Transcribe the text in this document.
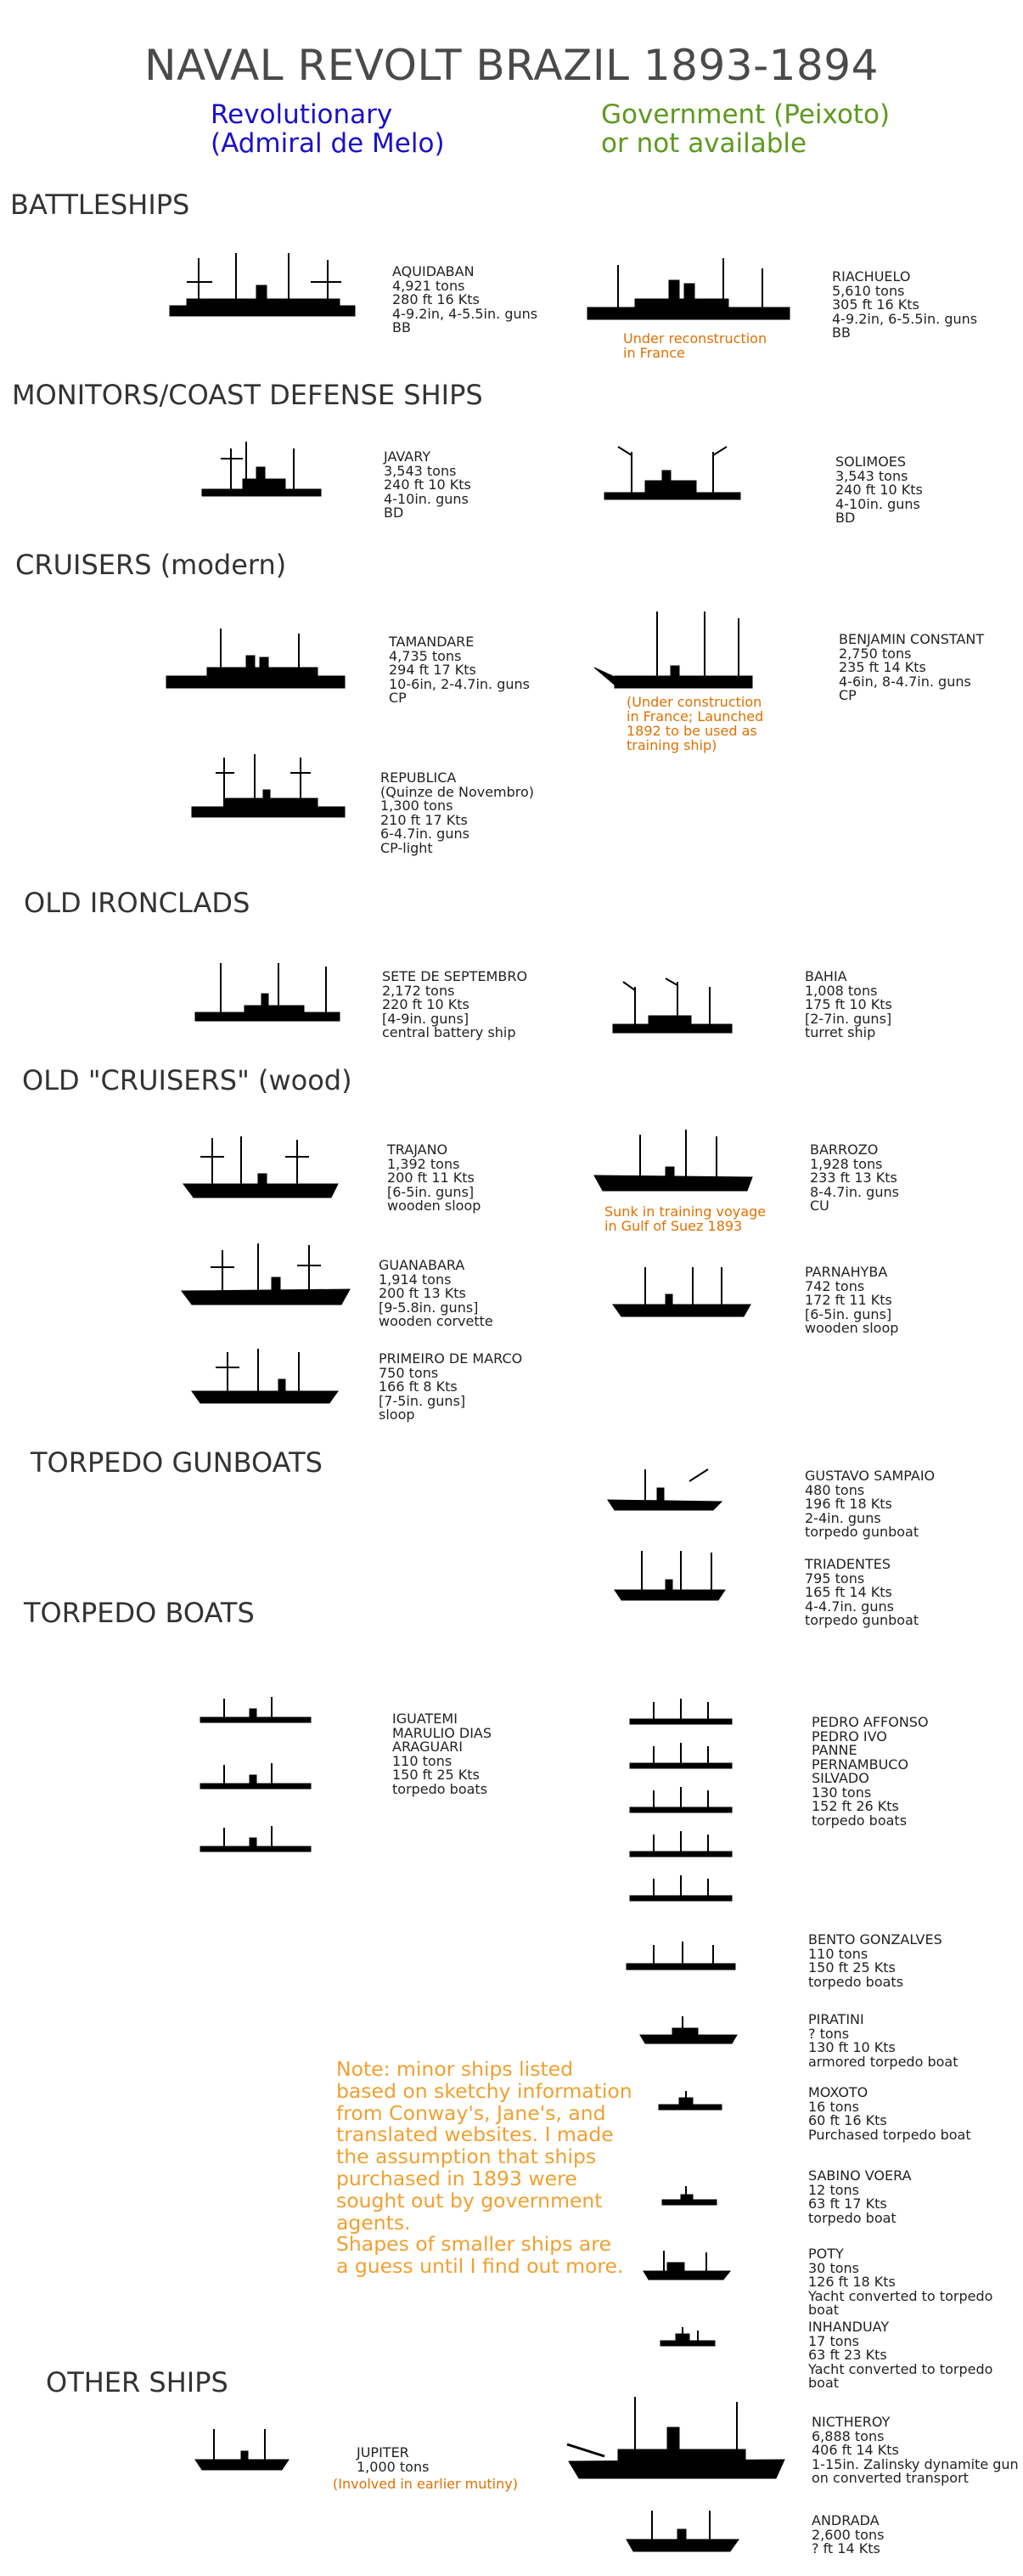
NAVAL REVOLT BRAZIL 1893-1894
Revolutionary
(Admiral de Melo)
Government (Peixoto)
or not available
BATTLESHIPS
MONITORS/COAST DEFENSE SHIPS
CRUISERS (modern)
OLD IRONCLADS
OLD "CRUISERS" (wood)
TORPEDO GUNBOATS
TORPEDO BOATS
OTHER SHIPS
AQUIDABAN
4,921 tons
280 ft 16 Kts
4-9.2in, 4-5.5in. guns
BB
RIACHUELO
5,610 tons
305 ft 16 Kts
4-9.2in, 6-5.5in. guns
BB
Under reconstruction
in France
JAVARY
3,543 tons
240 ft 10 Kts
4-10in. guns
BD
SOLIMOES
3,543 tons
240 ft 10 Kts
4-10in. guns
BD
TAMANDARE
4,735 tons
294 ft 17 Kts
10-6in, 2-4.7in. guns
CP
BENJAMIN CONSTANT
2,750 tons
235 ft 14 Kts
4-6in, 8-4.7in. guns
CP
(Under construction
in France; Launched
1892 to be used as
training ship)
REPUBLICA
(Quinze de Novembro)
1,300 tons
210 ft 17 Kts
6-4.7in. guns
CP-light
SETE DE SEPTEMBRO
2,172 tons
220 ft 10 Kts
[4-9in. guns]
central battery ship
BAHIA
1,008 tons
175 ft 10 Kts
[2-7in. guns]
turret ship
TRAJANO
1,392 tons
200 ft 11 Kts
[6-5in. guns]
wooden sloop
BARROZO
1,928 tons
233 ft 13 Kts
8-4.7in. guns
CU
Sunk in training voyage
in Gulf of Suez 1893
GUANABARA
1,914 tons
200 ft 13 Kts
[9-5.8in. guns]
wooden corvette
PARNAHYBA
742 tons
172 ft 11 Kts
[6-5in. guns]
wooden sloop
PRIMEIRO DE MARCO
750 tons
166 ft 8 Kts
[7-5in. guns]
sloop
GUSTAVO SAMPAIO
480 tons
196 ft 18 Kts
2-4in. guns
torpedo gunboat
TRIADENTES
795 tons
165 ft 14 Kts
4-4.7in. guns
torpedo gunboat
IGUATEMI
MARULIO DIAS
ARAGUARI
110 tons
150 ft 25 Kts
torpedo boats
PEDRO AFFONSO
PEDRO IVO
PANNE
PERNAMBUCO
SILVADO
130 tons
152 ft 26 Kts
torpedo boats
BENTO GONZALVES
110 tons
150 ft 25 Kts
torpedo boats
PIRATINI
? tons
130 ft 10 Kts
armored torpedo boat
MOXOTO
16 tons
60 ft 16 Kts
Purchased torpedo boat
SABINO VOERA
12 tons
63 ft 17 Kts
torpedo boat
POTY
30 tons
126 ft 18 Kts
Yacht converted to torpedo boat
INHANDUAY
17 tons
63 ft 23 Kts
Yacht converted to torpedo boat
JUPITER
1,000 tons
(Involved in earlier mutiny)
NICTHEROY
6,888 tons
406 ft 14 Kts
1-15in. Zalinsky dynamite gun
on converted transport
ANDRADA
2,600 tons
? ft 14 Kts
Note: minor ships listed
based on sketchy information
from Conway's, Jane's, and
translated websites. I made
the assumption that ships
purchased in 1893 were
sought out by government
agents.
Shapes of smaller ships are
a guess until I find out more.
